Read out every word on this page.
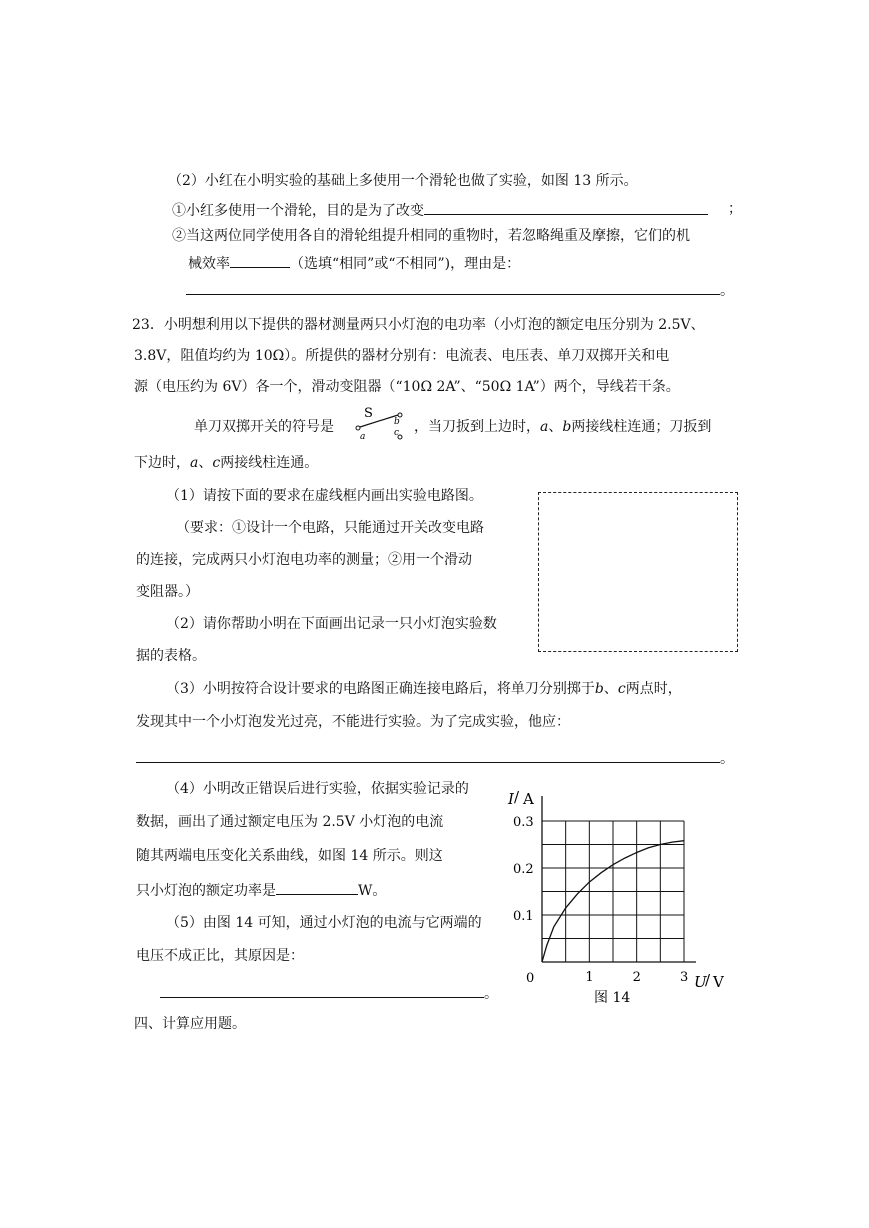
（2）小红在小明实验的基础上多使用一个滑轮也做了实验，如图 13 所示。
①小红多使用一个滑轮，目的是为了改变	；
②当这两位同学使用各自的滑轮组提升相同的重物时，若忽略绳重及摩擦，它们的机
械效率	（选填“相同”或“不相同”)，理由是：
。
23．小明想利用以下提供的器材测量两只小灯泡的电功率（小灯泡的额定电压分别为 2.5V、
3.8V，阻值均约为 10Ω）。所提供的器材分别有：电流表、电压表、单刀双掷开关和电
源（电压约为 6V）各一个，滑动变阻器（“10Ω 2A”、“50Ω 1A”）两个，导线若干条。
单刀双掷开关的符号是
S
b
c
a
，当刀扳到上边时，a、b两接线柱连通；刀扳到
下边时，a、c两接线柱连通。
（1）请按下面的要求在虚线框内画出实验电路图。
（要求：①设计一个电路，只能通过开关改变电路
的连接，完成两只小灯泡电功率的测量；②用一个滑动
变阻器。）
（2）请你帮助小明在下面画出记录一只小灯泡实验数
据的表格。
（3）小明按符合设计要求的电路图正确连接电路后，将单刀分别掷于b、c两点时，
发现其中一个小灯泡发光过亮，不能进行实验。为了完成实验，他应：
。
（4）小明改正错误后进行实验，依据实验记录的
数据，画出了通过额定电压为 2.5V 小灯泡的电流
随其两端电压变化关系曲线，如图 14 所示。则这
只小灯泡的额定功率是	W。
（5）由图 14 可知，通过小灯泡的电流与它两端的
电压不成正比，其原因是：
。
1	2	3
0.1
0.2
0.3
I / A
U
/ V
0
图 14
四、计算应用题。
